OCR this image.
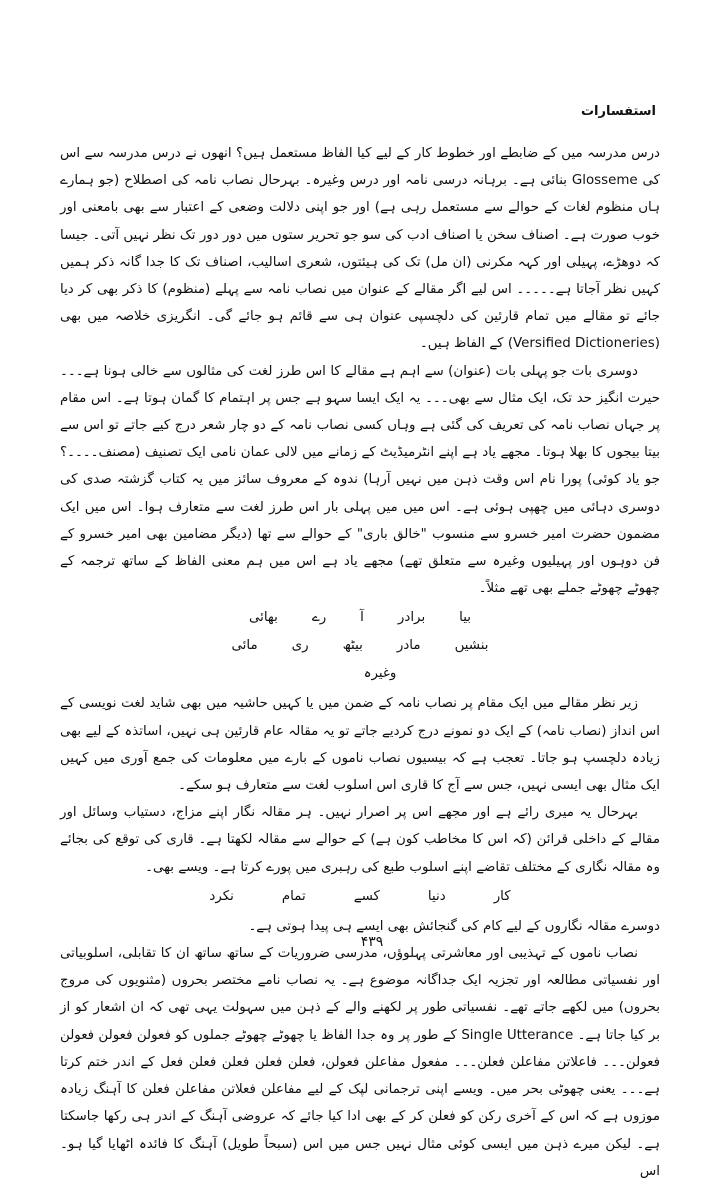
استفسارات

درس مدرسہ میں کے ضابطے اور خطوط کار کے لیے کیا الفاظ مستعمل ہیں؟ انھوں نے درس مدرسہ سے اس کی Glosseme بنائی ہے۔ برہانہ درسی نامہ اور درس وغیرہ۔ بہرحال نصاب نامہ کی اصطلاح (جو ہمارے ہاں منظوم لغات کے حوالے سے مستعمل رہی ہے) اور جو اپنی دلالت وضعی کے اعتبار سے بھی بامعنی اور خوب صورت ہے۔ اصناف سخن یا اصناف ادب کی سو جو تحریر ستوں میں دور دور تک نظر نہیں آتی۔ جیسا کہ دوھڑے، پہیلی اور کہہ مکرنی (ان مل) تک کی ہیئتوں، شعری اسالیب، اصناف تک کا جدا گانہ ذکر ہمیں کہیں نظر آجاتا ہے۔۔۔۔۔ اس لیے اگر مقالے کے عنوان میں نصاب نامہ سے پہلے (منظوم) کا ذکر بھی کر دیا جائے تو مقالے میں تمام قارئین کی دلچسپی عنوان ہی سے قائم ہو جائے گی۔ انگریزی خلاصہ میں بھی (Versified Dictioneries) کے الفاظ ہیں۔

دوسری بات جو پہلی بات (عنوان) سے اہم ہے مقالے کا اس طرز لغت کی مثالوں سے خالی ہونا ہے۔۔۔ حیرت انگیز حد تک، ایک مثال سے بھی۔۔۔ یہ ایک ایسا سہو ہے جس پر اہتمام کا گمان ہوتا ہے۔ اس مقام پر جہاں نصاب نامہ کی تعریف کی گئی ہے وہاں کسی نصاب نامہ کے دو چار شعر درج کیے جاتے تو اس سے بیتا بیجوں کا بھلا ہوتا۔ مجھے یاد ہے اپنے انٹرمیڈیٹ کے زمانے میں لالی عمان نامی ایک تصنیف (مصنف۔۔۔۔؟ جو یاد کوئی) پورا نام اس وقت ذہن میں نہیں آرہا) ندوہ کے معروف سائز میں یہ کتاب گزشتہ صدی کی دوسری دہائی میں چھپی ہوئی ہے۔ اس میں میں پہلی بار اس طرز لغت سے متعارف ہوا۔ اس میں ایک مضمون حضرت امیر خسرو سے منسوب "خالق باری" کے حوالے سے تھا (دیگر مضامین بھی امیر خسرو کے فن دوہوں اور پہیلیوں وغیرہ سے متعلق تھے) مجھے یاد ہے اس میں ہم معنی الفاظ کے ساتھ ترجمہ کے چھوٹے چھوٹے جملے بھی تھے مثلاً۔

بیا
برادر
آ
رے
بھائی
بنشیں
مادر
بیٹھ
ری
مائی
وغیرہ

زیر نظر مقالے میں ایک مقام پر نصاب نامہ کے ضمن میں یا کہیں حاشیہ میں بھی شاید لغت نویسی کے اس انداز (نصاب نامہ) کے ایک دو نمونے درج کردیے جاتے تو یہ مقالہ عام قارئین ہی نہیں، اساتذہ کے لیے بھی زیادہ دلچسپ ہو جاتا۔ تعجب ہے کہ بیسیوں نصاب ناموں کے بارے میں معلومات کی جمع آوری میں کہیں ایک مثال بھی ایسی نہیں، جس سے آج کا قاری اس اسلوب لغت سے متعارف ہو سکے۔

بہرحال یہ میری رائے ہے اور مجھے اس پر اصرار نہیں۔ ہر مقالہ نگار اپنے مزاج، دستیاب وسائل اور مقالے کے داخلی قرائن (کہ اس کا مخاطب کون ہے) کے حوالے سے مقالہ لکھتا ہے۔ قاری کی توقع کی بجائے وہ مقالہ نگاری کے مختلف تقاضے اپنے اسلوب طبع کی رہبری میں پورے کرتا ہے۔ ویسے بھی۔

کار
دنیا
کسے
تمام
نکرد

دوسرے مقالہ نگاروں کے لیے کام کی گنجائش بھی ایسے ہی پیدا ہوتی ہے۔

نصاب ناموں کے تہذیبی اور معاشرتی پہلوؤں، مدرسی ضروریات کے ساتھ ساتھ ان کا تقابلی، اسلوبیاتی اور نفسیاتی مطالعہ اور تجزیہ ایک جداگانہ موضوع ہے۔ یہ نصاب نامے مختصر بحروں (مثنویوں کی مروج بحروں) میں لکھے جاتے تھے۔ نفسیاتی طور پر لکھنے والے کے ذہن میں سہولت یہی تھی کہ ان اشعار کو از بر کیا جاتا ہے۔ Single Utterance کے طور پر وہ جدا الفاظ یا چھوٹے چھوٹے جملوں کو فعولن فعولن فعولن فعولن۔۔۔ فاعلاتن مفاعلن فعلن۔۔۔ مفعول مفاعلن فعولن، فعلن فعلن فعلن فعلن فعل کے اندر ختم کرتا ہے۔۔۔ یعنی چھوٹی بحر میں۔ ویسے اپنی ترجمانی لپک کے لیے مفاعلن فعلاتن مفاعلن فعلن کا آہنگ زیادہ موزوں ہے کہ اس کے آخری رکن کو فعلن کر کے بھی ادا کیا جائے کہ عروضی آہنگ کے اندر ہی رکھا جاسکتا ہے۔ لیکن میرے ذہن میں ایسی کوئی مثال نہیں جس میں اس (سبحاً طویل) آہنگ کا فائدہ اٹھایا گیا ہو۔ اس

۴۳۹
